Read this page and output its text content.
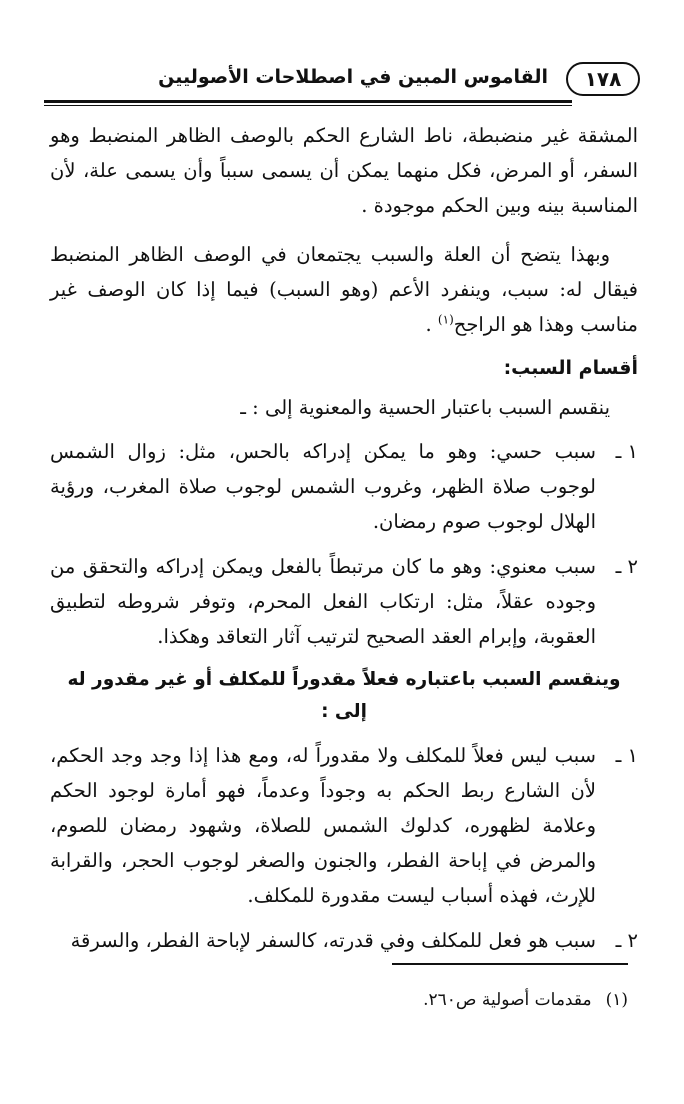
١٧٨
القاموس المبين في اصطلاحات الأصوليين

المشقة غير منضبطة، ناط الشارع الحكم بالوصف الظاهر المنضبط وهو السفر، أو المرض، فكل منهما يمكن أن يسمى سبباً وأن يسمى علة، لأن المناسبة بينه وبين الحكم موجودة .

وبهذا يتضح أن العلة والسبب يجتمعان في الوصف الظاهر المنضبط فيقال له: سبب، وينفرد الأعم (وهو السبب) فيما إذا كان الوصف غير مناسب وهذا هو الراجح$^{(١)}$ .

أقسام السبب:

ينقسم السبب باعتبار الحسية والمعنوية إلى : ـ

١ ـ
سبب حسي: وهو ما يمكن إدراكه بالحس، مثل: زوال الشمس لوجوب صلاة الظهر، وغروب الشمس لوجوب صلاة المغرب، ورؤية الهلال لوجوب صوم رمضان.
٢ ـ
سبب معنوي: وهو ما كان مرتبطاً بالفعل ويمكن إدراكه والتحقق من وجوده عقلاً، مثل: ارتكاب الفعل المحرم، وتوفر شروطه لتطبيق العقوبة، وإبرام العقد الصحيح لترتيب آثار التعاقد وهكذا.
وينقسم السبب باعتباره فعلاً مقدوراً للمكلف أو غير مقدور له إلى :
١ ـ
سبب ليس فعلاً للمكلف ولا مقدوراً له، ومع هذا إذا وجد وجد الحكم، لأن الشارع ربط الحكم به وجوداً وعدماً، فهو أمارة لوجود الحكم وعلامة لظهوره، كدلوك الشمس للصلاة، وشهود رمضان للصوم، والمرض في إباحة الفطر، والجنون والصغر لوجوب الحجر، والقرابة للإرث، فهذه أسباب ليست مقدورة للمكلف.
٢ ـ
سبب هو فعل للمكلف وفي قدرته، كالسفر لإباحة الفطر، والسرقة
(١)مقدمات أصولية ص٢٦٠.
